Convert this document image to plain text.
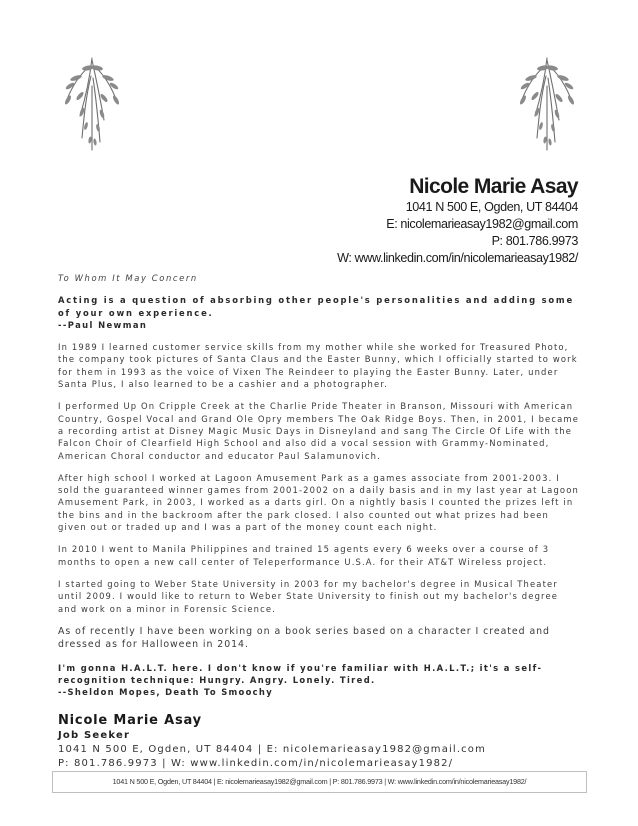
Nicole Marie Asay
1041 N 500 E, Ogden, UT 84404
E: nicolemarieasay1982@gmail.com
P: 801.786.9973
W: www.linkedin.com/in/nicolemarieasay1982/

To Whom It May Concern

Acting is a question of absorbing other people's personalities and adding some of your own experience.

--Paul Newman

In 1989 I learned customer service skills from my mother while she worked for Treasured Photo, the company took pictures of Santa Claus and the Easter Bunny, which I officially started to work for them in 1993 as the voice of Vixen The Reindeer to playing the Easter Bunny. Later, under Santa Plus, I also learned to be a cashier and a photographer.

I performed Up On Cripple Creek at the Charlie Pride Theater in Branson, Missouri with American Country, Gospel Vocal and Grand Ole Opry members The Oak Ridge Boys. Then, in 2001, I became a recording artist at Disney Magic Music Days in Disneyland and sang The Circle Of Life with the Falcon Choir of Clearfield High School and also did a vocal session with Grammy-Nominated, American Choral conductor and educator Paul Salamunovich.

After high school I worked at Lagoon Amusement Park as a games associate from 2001-2003. I sold the guaranteed winner games from 2001-2002 on a daily basis and in my last year at Lagoon Amusement Park, in 2003, I worked as a darts girl. On a nightly basis I counted the prizes left in the bins and in the backroom after the park closed. I also counted out what prizes had been given out or traded up and I was a part of the money count each night.

In 2010 I went to Manila Philippines and trained 15 agents every 6 weeks over a course of 3 months to open a new call center of Teleperformance U.S.A. for their AT&T Wireless project.

I started going to Weber State University in 2003 for my bachelor's degree in Musical Theater until 2009. I would like to return to Weber State University to finish out my bachelor's degree and work on a minor in Forensic Science.

As of recently I have been working on a book series based on a character I created and dressed as for Halloween in 2014.

I'm gonna H.A.L.T. here. I don't know if you're familiar with H.A.L.T.; it's a self-recognition technique: Hungry. Angry. Lonely. Tired.

--Sheldon Mopes, Death To Smoochy

Nicole Marie Asay
Job Seeker
1041 N 500 E, Ogden, UT 84404 | E: nicolemarieasay1982@gmail.com
P: 801.786.9973 | W: www.linkedin.com/in/nicolemarieasay1982/
1041 N 500 E, Ogden, UT 84404 | E: nicolemarieasay1982@gmail.com | P: 801.786.9973 | W: www.linkedin.com/in/nicolemarieasay1982/
